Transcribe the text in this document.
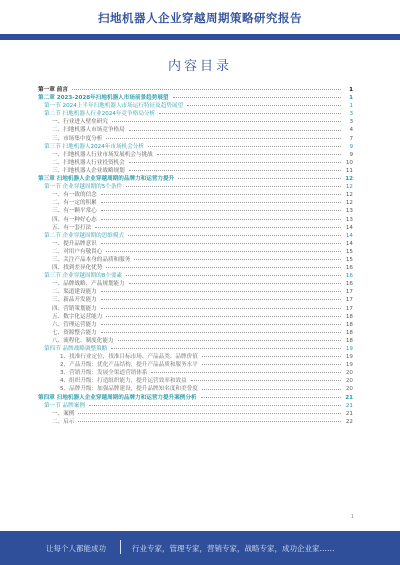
扫地机器人企业穿越周期策略研究报告
内容目录
第一章 前言	1
第二章 2023-2028年扫地机器人市场前景趋势展望	1
第一节 2024上半年扫地机器人市场运行特征及趋势展望	1
第二节 扫地机器人行业2024年竞争格局分析	3
一、行业进入壁垒研究	3
二、扫地机器人市场竞争格局	4
三、市场集中度分析	7
第三节 扫地机器人2024年市场机会分析	9
一、扫地机器人行业市场发展机会与挑战	9
二、扫地机器人行业投资机会	10
三、扫地机器人企业战略规划	11
第三章 扫地机器人企业穿越周期的品牌力和运营力提升	12
第一节 企业穿越周期的5个条件	12
一、有一致的信念	12
二、有一定的积累	12
三、有一颗平常心	13
四、有一种好心态	13
五、有一套打法	14
第二节 企业穿越周期的思维模式	14
一、提升品牌意识	14
二、对用户有敬畏心	15
三、关注产品本身的品质和服务	15
四、找到差异化优势	16
第三节 企业穿越周期的8个要素	16
一、品牌战略、产品规划能力	16
二、渠道建设能力	17
三、新品开发能力	17
四、营销策划能力	17
五、数字化运营能力	18
六、管理运营能力	18
七、资源整合能力	18
八、流程化、制度化能力	18
第四节 品牌战略调整策略	19
1、找准行业定位，找准目标市场、产品品类、品牌价值	19
2、产品升级：优化产品结构，提升产品品质和服务水平	19
3、营销升级：发展全渠道营销体系	20
4、组织升级：打造组织能力，提升运营效率和效益	20
5、品牌升级：加强品牌建设，提升品牌知名度和美誉度	20
第四章 扫地机器人企业穿越周期的品牌力和运营力提升案例分析	21
第一节 品牌案例	21
一、案例	21
二、启示	22
1
让每个人都能成功	行业专家，管理专家，营销专家，战略专家，成功企业家……
